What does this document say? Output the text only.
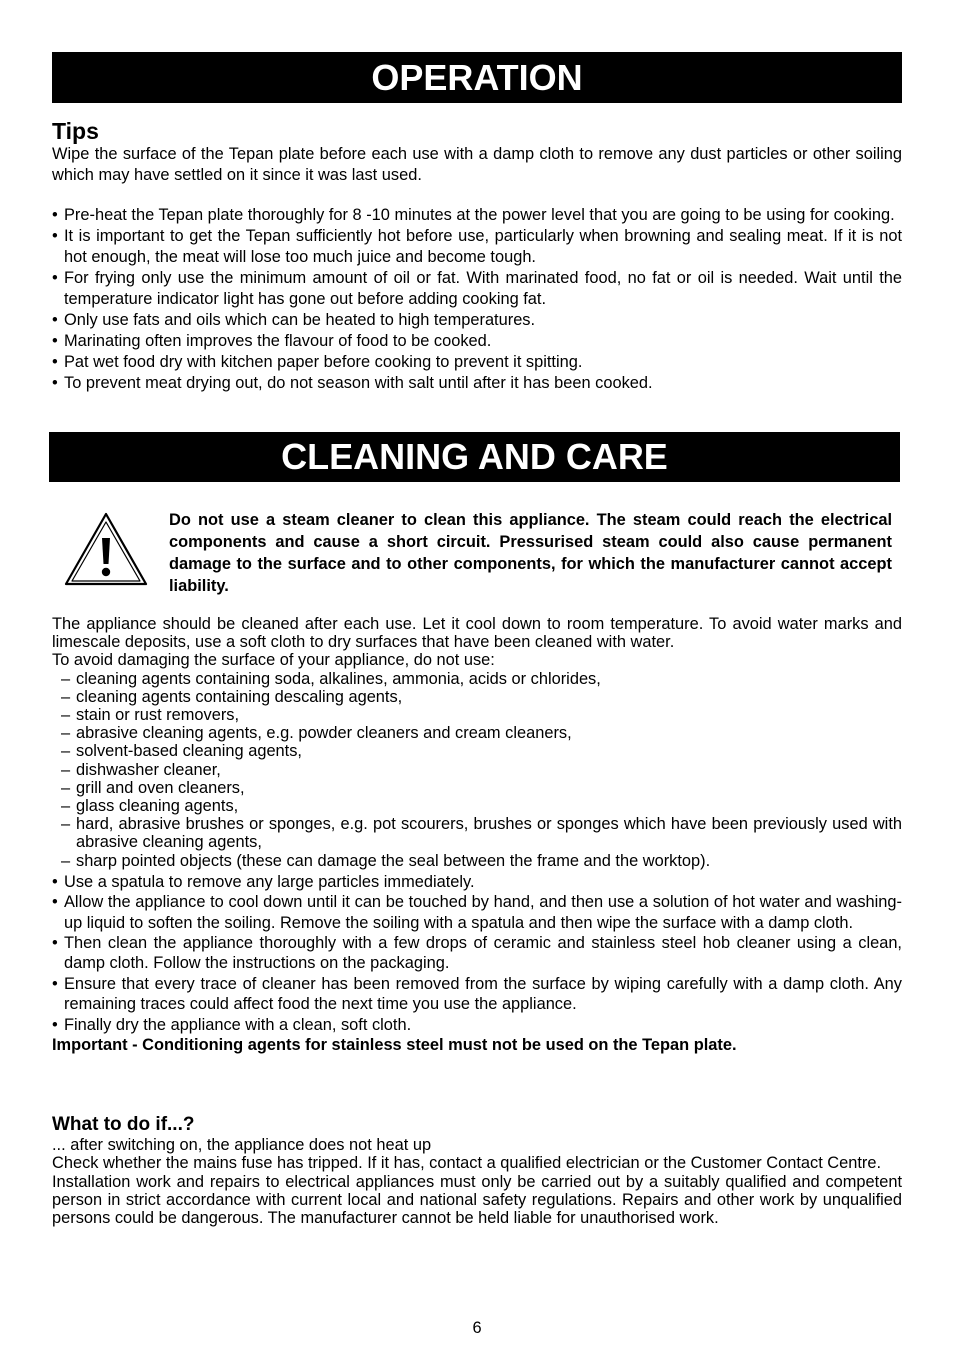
OPERATION
Tips

Wipe the surface of the Tepan plate before each use with a damp cloth to remove any dust particles or other soiling which may have settled on it since it was last used.

• Pre-heat the Tepan plate thoroughly for 8 -10 minutes at the power level that you are going to be using for cooking.
• It is important to get the Tepan sufficiently hot before use, particularly when browning and sealing meat. If it is not hot enough, the meat will lose too much juice and become tough.
• For frying only use the minimum amount of oil or fat. With marinated food, no fat or oil is needed. Wait until the temperature indicator light has gone out before adding cooking fat.
• Only use fats and oils which can be heated to high temperatures.
• Marinating often improves the flavour of food to be cooked.
• Pat wet food dry with kitchen paper before cooking to prevent it spitting.
• To prevent meat drying out, do not season with salt until after it has been cooked.
CLEANING AND CARE
Do not use a steam cleaner to clean this appliance. The steam could reach the electrical components and cause a short circuit. Pressurised steam could also cause permanent damage to the surface and to other components, for which the manufacturer cannot accept liability.

The appliance should be cleaned after each use. Let it cool down to room temperature. To avoid water marks and limescale deposits, use a soft cloth to dry surfaces that have been cleaned with water.

To avoid damaging the surface of your appliance, do not use:

– cleaning agents containing soda, alkalines, ammonia, acids or chlorides,
– cleaning agents containing descaling agents,
– stain or rust removers,
– abrasive cleaning agents, e.g. powder cleaners and cream cleaners,
– solvent-based cleaning agents,
– dishwasher cleaner,
– grill and oven cleaners,
– glass cleaning agents,
– hard, abrasive brushes or sponges, e.g. pot scourers, brushes or sponges which have been previously used with abrasive cleaning agents,
– sharp pointed objects (these can damage the seal between the frame and the worktop).
• Use a spatula to remove any large particles immediately.
• Allow the appliance to cool down until it can be touched by hand, and then use a solution of hot water and washing-up liquid to soften the soiling. Remove the soiling with a spatula and then wipe the surface with a damp cloth.
• Then clean the appliance thoroughly with a few drops of ceramic and stainless steel hob cleaner using a clean, damp cloth. Follow the instructions on the packaging.
• Ensure that every trace of cleaner has been removed from the surface by wiping carefully with a damp cloth. Any remaining traces could affect food the next time you use the appliance.
• Finally dry the appliance with a clean, soft cloth.

Important - Conditioning agents for stainless steel must not be used on the Tepan plate.

What to do if...?

... after switching on, the appliance does not heat up

Check whether the mains fuse has tripped. If it has, contact a qualified electrician or the Customer Contact Centre.

Installation work and repairs to electrical appliances must only be carried out by a suitably qualified and competent person in strict accordance with current local and national safety regulations. Repairs and other work by unqualified persons could be dangerous. The manufacturer cannot be held liable for unauthorised work.

6
